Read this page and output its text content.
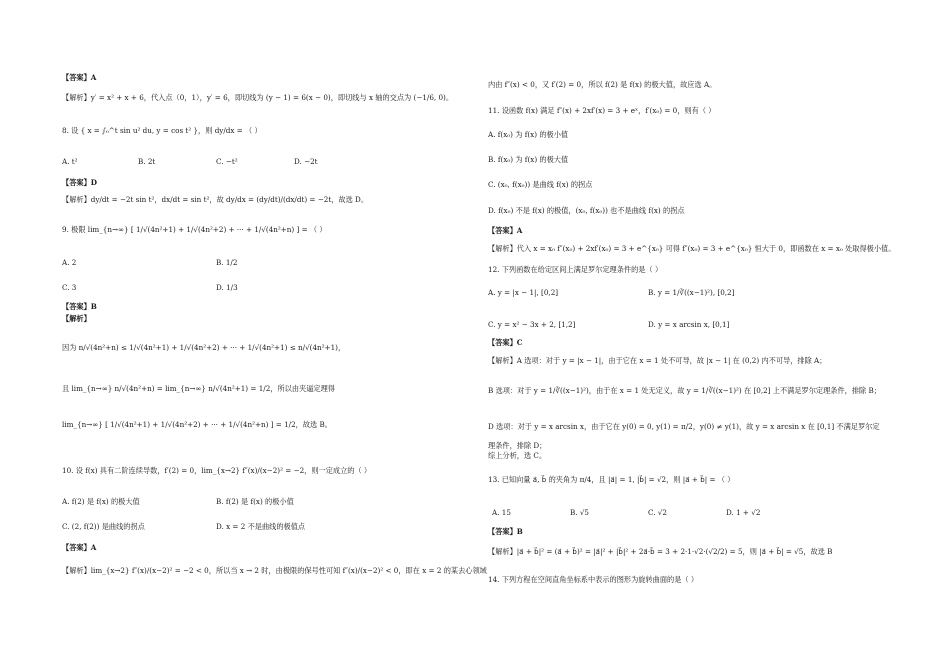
【答案】A
【解析】y′ = x² + x + 6，代入点（0，1），y′ = 6，即切线为 (y − 1) = 6(x − 0)，即切线与 x 轴的交点为 (−1/6, 0)。
8. 设 { x = ∫₀^t sin u² du, y = cos t² }，则 dy/dx = （ ）
A. t²	B. 2t	C. −t²	D. −2t
【答案】D
【解析】dy/dt = −2t sin t²，dx/dt = sin t²，故 dy/dx = (dy/dt)/(dx/dt) = −2t，故选 D。
9. 极限 lim_{n→∞} [ 1/√(4n²+1) + 1/√(4n²+2) + ··· + 1/√(4n²+n) ] = （ ）
A. 2	B. 1/2
C. 3	D. 1/3
【答案】B
【解析】
因为 n/√(4n²+n) ≤ 1/√(4n²+1) + 1/√(4n²+2) + ··· + 1/√(4n²+1) ≤ n/√(4n²+1)，
且 lim_{n→∞} n/√(4n²+n) = lim_{n→∞} n/√(4n²+1) = 1/2，所以由夹逼定理得
lim_{n→∞} [ 1/√(4n²+1) + 1/√(4n²+2) + ··· + 1/√(4n²+n) ] = 1/2，故选 B。
10. 设 f(x) 具有二阶连续导数，f′(2) = 0，lim_{x→2} f″(x)/(x−2)² = −2，则一定成立的（ ）
A. f(2) 是 f(x) 的极大值	B. f(2) 是 f(x) 的极小值
C. (2, f(2)) 是曲线的拐点	D. x = 2 不是曲线的极值点
【答案】A
【解析】lim_{x→2} f″(x)/(x−2)² = −2 < 0，所以当 x → 2 时，由极限的保号性可知 f″(x)/(x−2)² < 0，即在 x = 2 的某去心领域
内由 f″(x) < 0，又 f′(2) = 0，所以 f(2) 是 f(x) 的极大值，故应选 A。
11. 设函数 f(x) 满足 f″(x) + 2xf′(x) = 3 + eˣ，f′(x₀) = 0，则有（ ）
A. f(x₀) 为 f(x) 的极小值
B. f(x₀) 为 f(x) 的极大值
C. (x₀, f(x₀)) 是曲线 f(x) 的拐点
D. f(x₀) 不是 f(x) 的极值，(x₀, f(x₀)) 也不是曲线 f(x) 的拐点
【答案】A
【解析】代入 x = x₀ f″(x₀) + 2xf′(x₀) = 3 + e^{x₀} 可得 f″(x₀) = 3 + e^{x₀} 恒大于 0，即函数在 x = x₀ 处取得极小值。
12. 下列函数在给定区间上满足罗尔定理条件的是（ ）
A. y = |x − 1|, [0,2]	B. y = 1/∛((x−1)²), [0,2]
C. y = x² − 3x + 2, [1,2]	D. y = x arcsin x, [0,1]
【答案】C
【解析】A 选项：对于 y = |x − 1|，由于它在 x = 1 处不可导，故 |x − 1| 在 (0,2) 内不可导，排除 A；
B 选项：对于 y = 1/∛((x−1)²)，由于在 x = 1 处无定义，故 y = 1/∛((x−1)²) 在 [0,2] 上不满足罗尔定理条件，排除 B；
D 选项：对于 y = x arcsin x，由于它在 y(0) = 0, y(1) = π/2，y(0) ≠ y(1)，故 y = x arcsin x 在 [0,1] 不满足罗尔定
理条件，排除 D；
综上分析，选 C。
13. 已知向量 a⃗, b⃗ 的夹角为 π/4，且 |a⃗| = 1, |b⃗| = √2，则 |a⃗ + b⃗| = （ ）
A. 15	B. √5	C. √2	D. 1 + √2
【答案】B
【解析】|a⃗ + b⃗|² = (a⃗ + b⃗)² = |a⃗|² + |b⃗|² + 2a⃗·b⃗ = 3 + 2·1·√2·(√2/2) = 5，则 |a⃗ + b⃗| = √5，故选 B
14. 下列方程在空间直角坐标系中表示的图形为旋转曲面的是（ ）
